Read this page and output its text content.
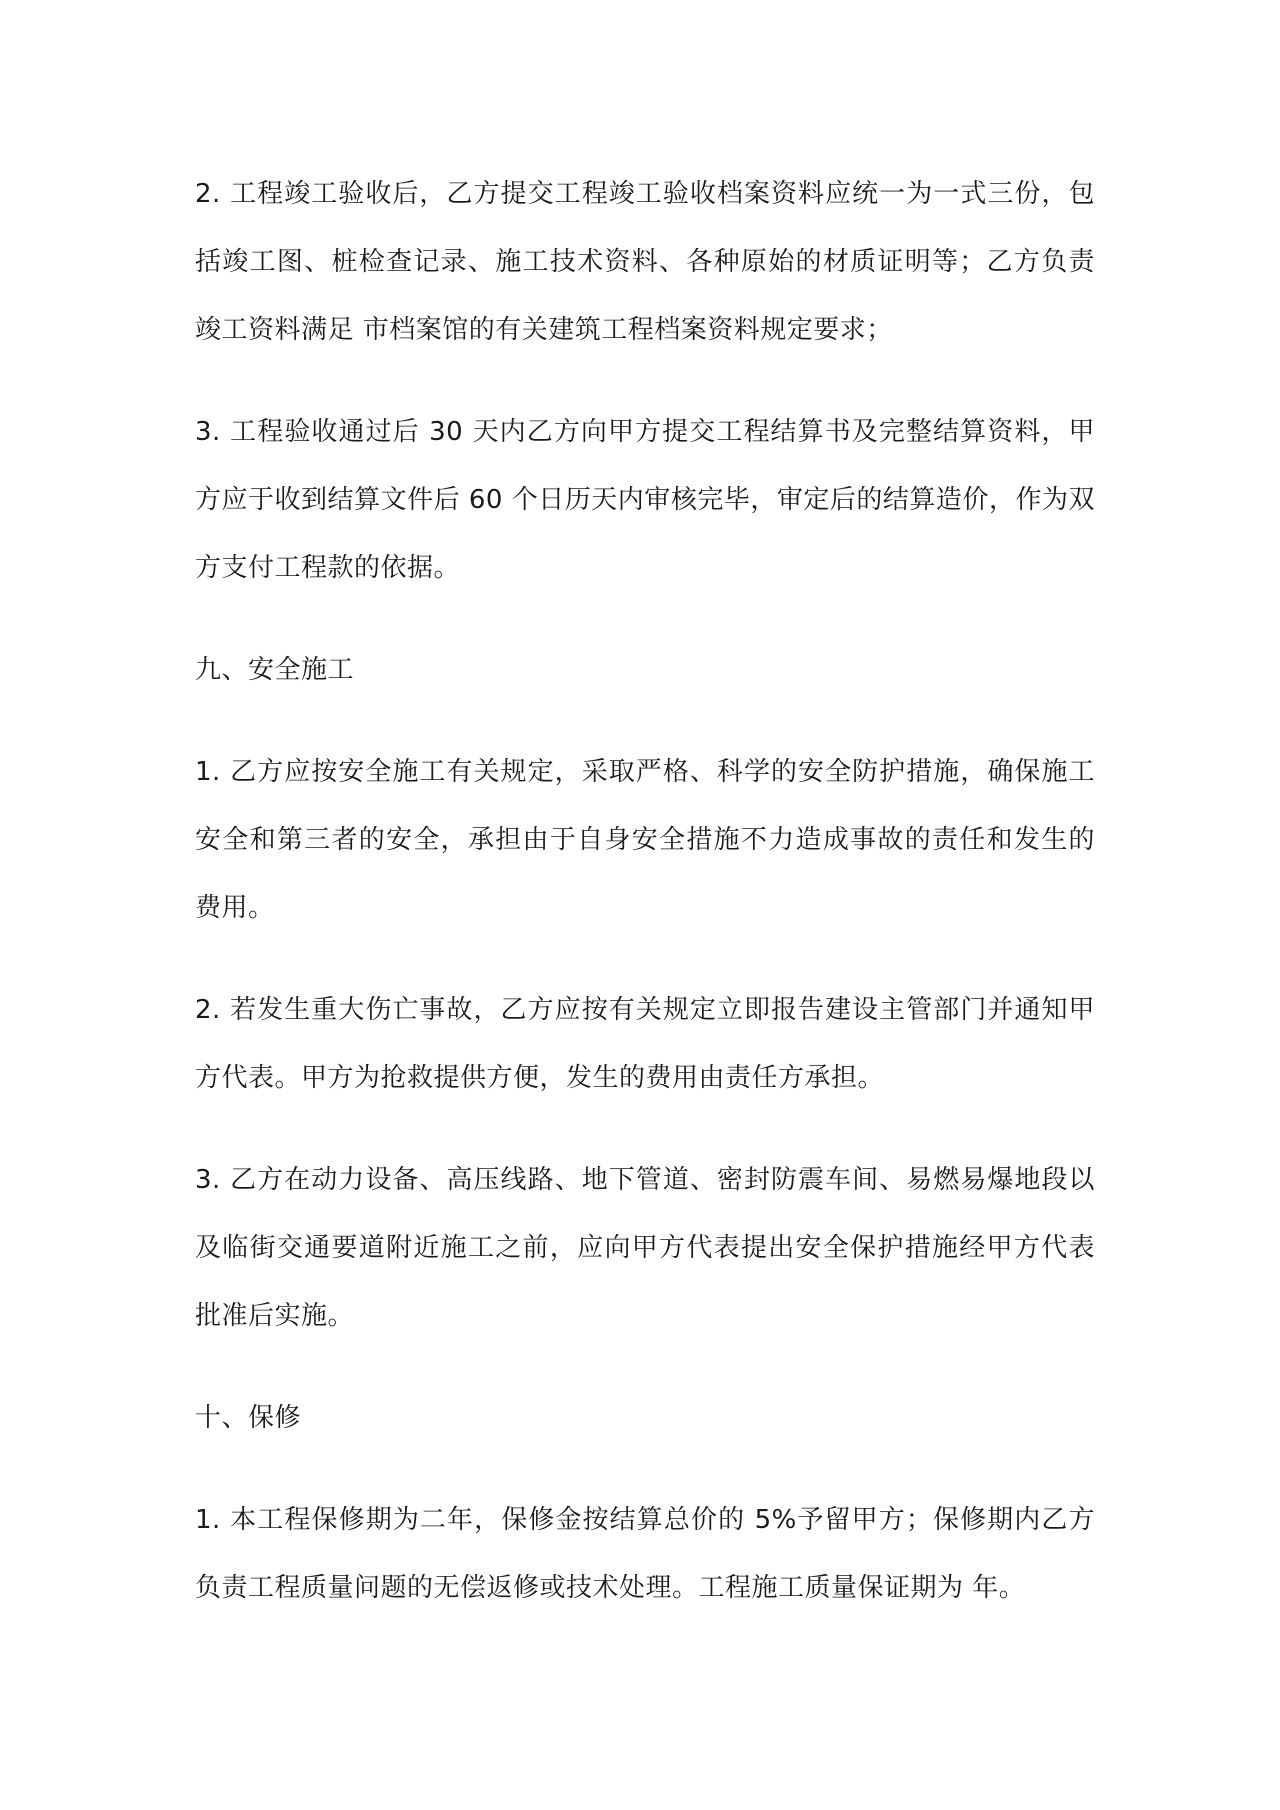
2. 工程竣工验收后，乙方提交工程竣工验收档案资料应统一为一式三份，包括竣工图、桩检查记录、施工技术资料、各种原始的材质证明等；乙方负责竣工资料满足 市档案馆的有关建筑工程档案资料规定要求；

3. 工程验收通过后 30 天内乙方向甲方提交工程结算书及完整结算资料，甲方应于收到结算文件后 60 个日历天内审核完毕，审定后的结算造价，作为双方支付工程款的依据。

九、安全施工

1. 乙方应按安全施工有关规定，采取严格、科学的安全防护措施，确保施工安全和第三者的安全，承担由于自身安全措施不力造成事故的责任和发生的费用。

2. 若发生重大伤亡事故，乙方应按有关规定立即报告建设主管部门并通知甲方代表。甲方为抢救提供方便，发生的费用由责任方承担。

3. 乙方在动力设备、高压线路、地下管道、密封防震车间、易燃易爆地段以及临街交通要道附近施工之前，应向甲方代表提出安全保护措施经甲方代表批准后实施。

十、保修

1. 本工程保修期为二年，保修金按结算总价的 5%予留甲方；保修期内乙方负责工程质量问题的无偿返修或技术处理。工程施工质量保证期为 年。
